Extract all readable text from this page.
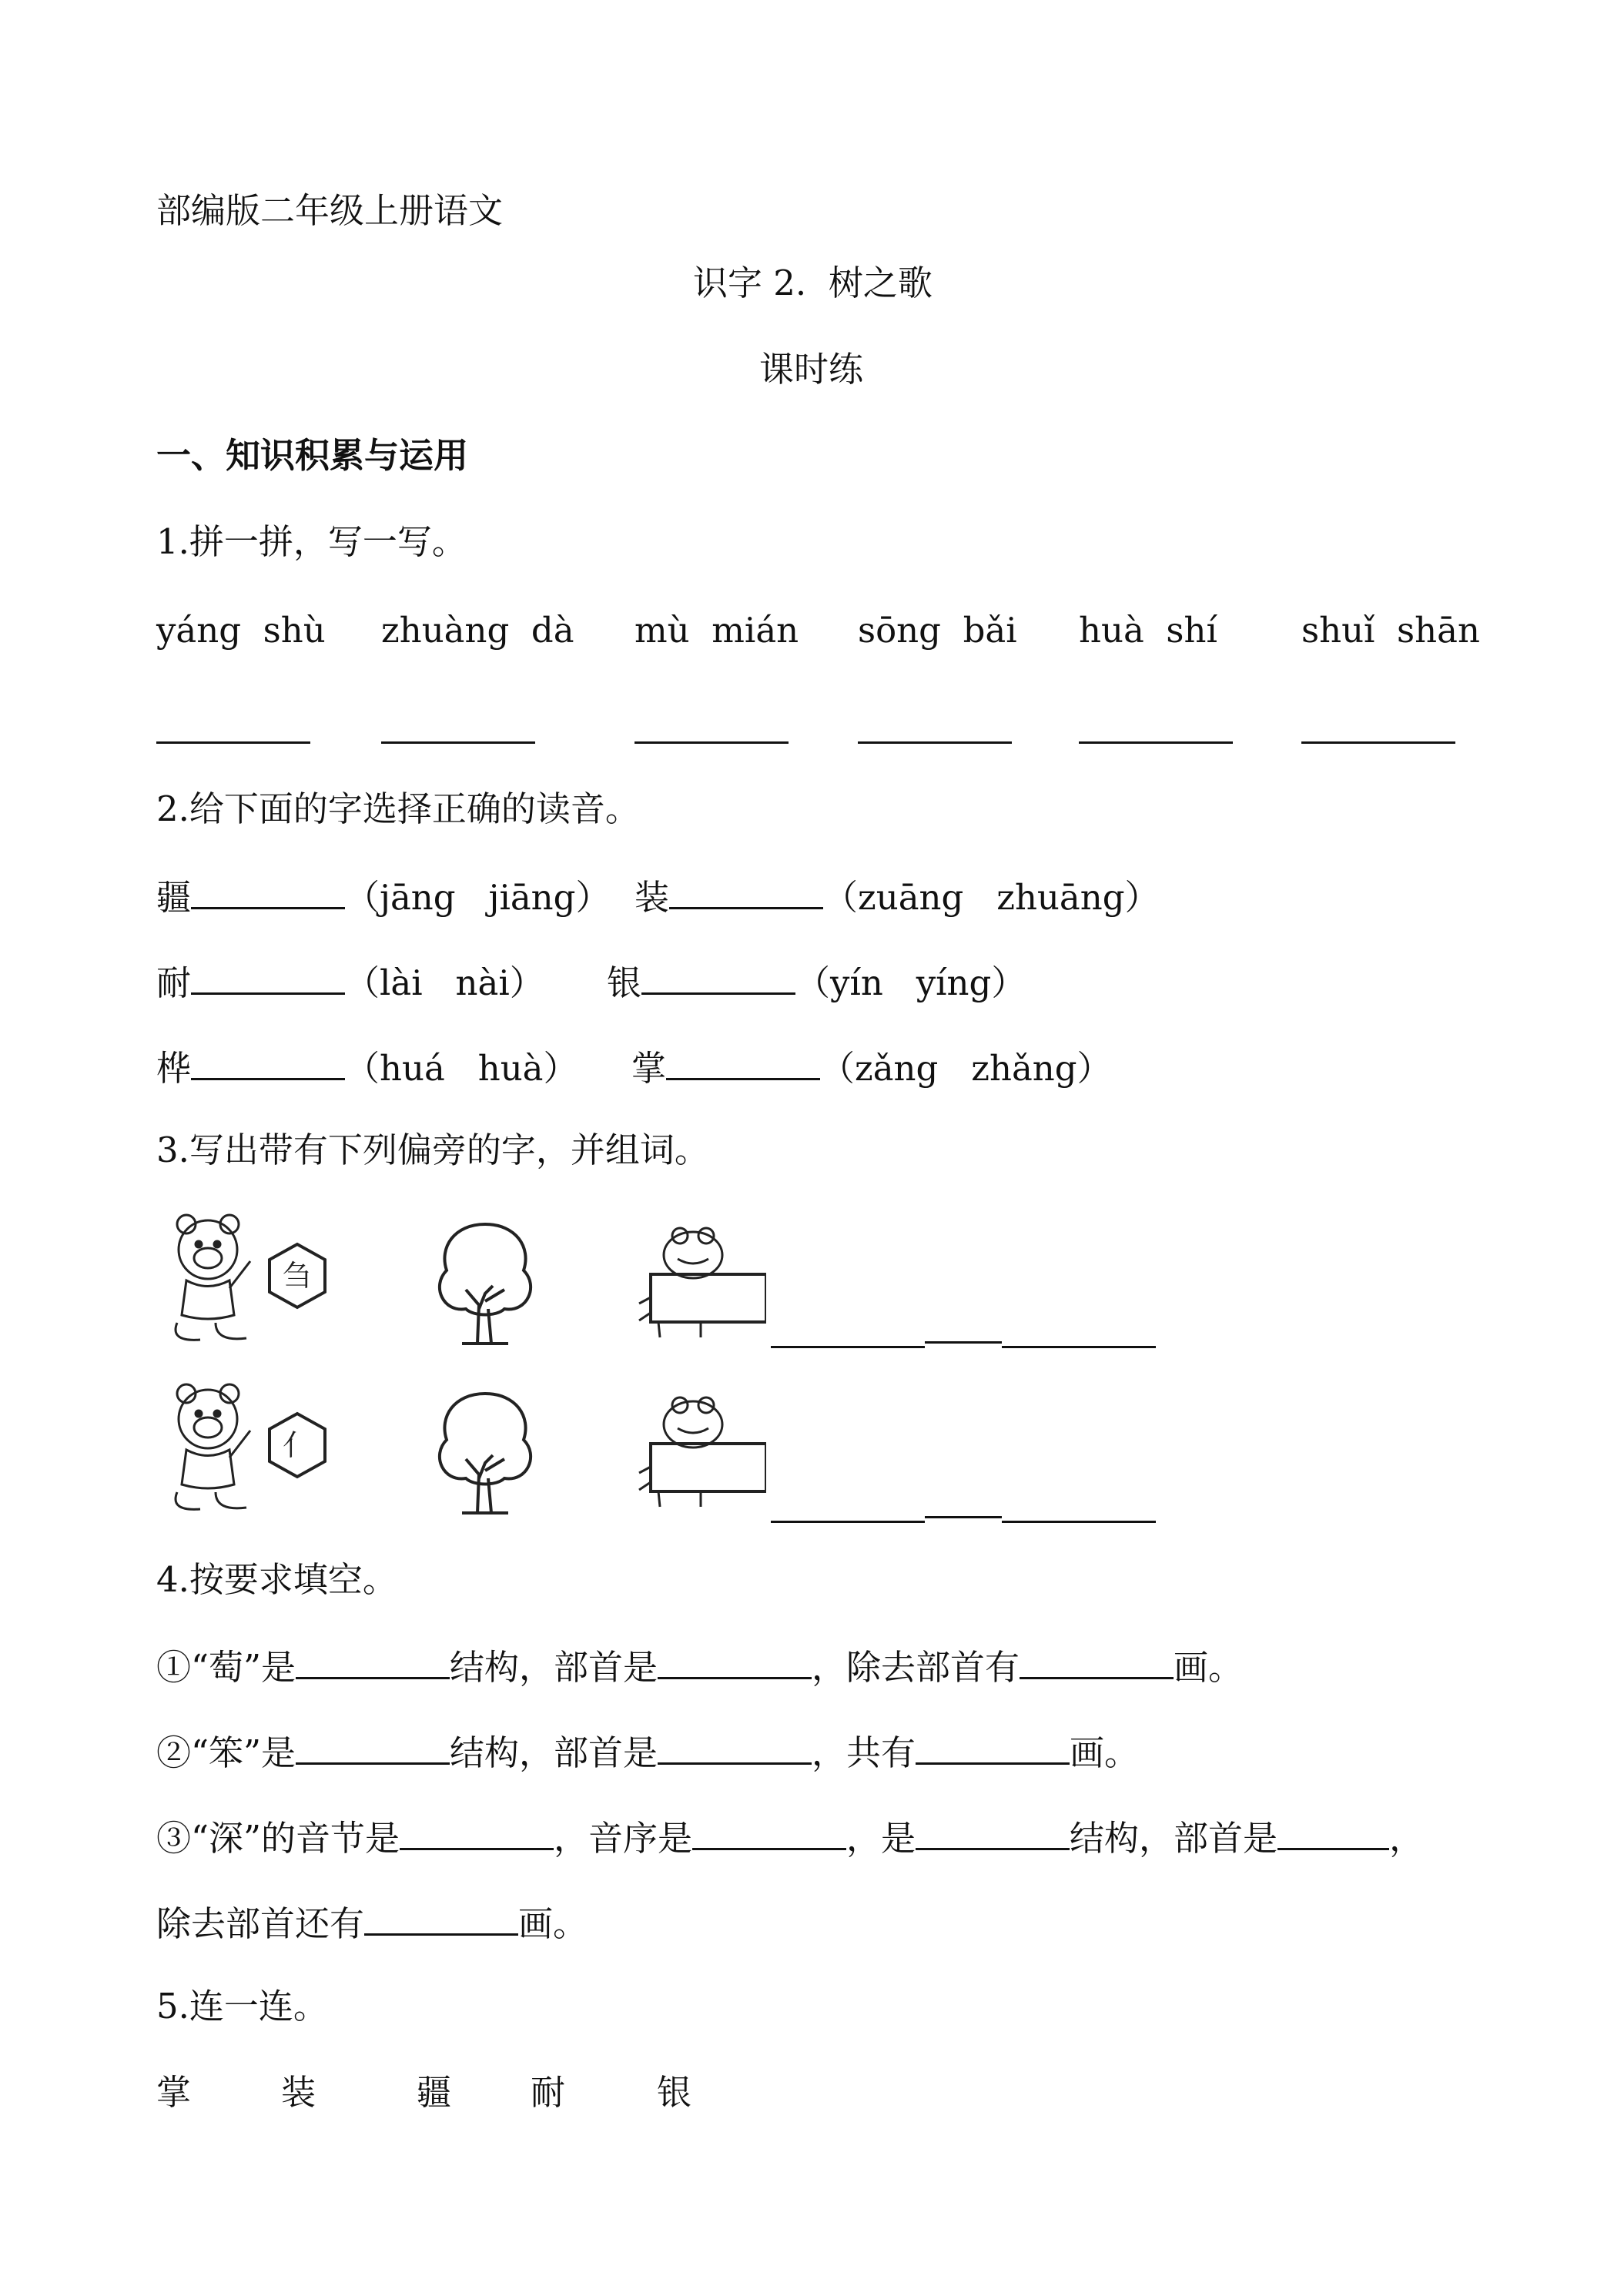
部编版二年级上册语文
识字 2.  树之歌
课时练
一、知识积累与运用
1.拼一拼，写一写。
yáng  shù zhuàng  dà mù  mián sōng  bǎi huà  shí shuǐ  shān
2.给下面的字选择正确的读音。
疆	（jāng   jiāng） 装	（zuāng   zhuāng）
耐	（lài   nài） 银	（yín   yíng）
桦	（huá   huà） 掌	（zǎng   zhǎng）
3.写出带有下列偏旁的字，并组词。
刍
亻
4.按要求填空。
①“萄”是	结构，部首是	，除去部首有	画。
②“笨”是	结构，部首是	，共有	画。
③“深”的音节是	，音序是	，是	结构，部首是	，
除去部首还有	画。
5.连一连。
掌	装	疆 耐	银
